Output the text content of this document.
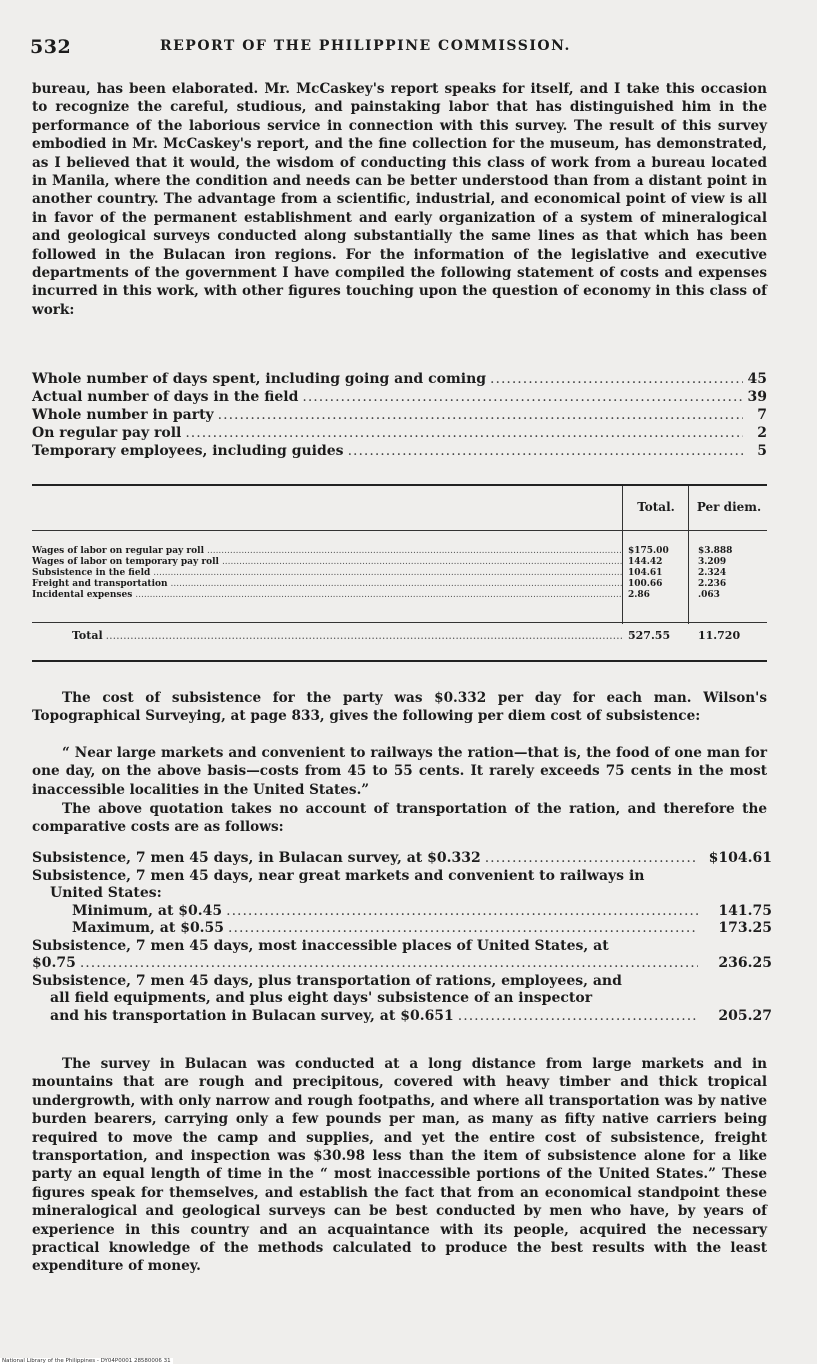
532	REPORT OF THE PHILIPPINE COMMISSION.

bureau, has been elaborated. Mr. McCaskey's report speaks for itself, and I take this occasion to recognize the careful, studious, and painstaking labor that has distinguished him in the performance of the laborious service in connection with this survey. The result of this survey embodied in Mr. McCaskey's report, and the fine collection for the museum, has demonstrated, as I believed that it would, the wisdom of conducting this class of work from a bureau located in Manila, where the condition and needs can be better understood than from a distant point in another country. The advantage from a scientific, industrial, and economical point of view is all in favor of the permanent establishment and early organization of a system of mineralogical and geological surveys conducted along substantially the same lines as that which has been followed in the Bulacan iron regions. For the information of the legislative and executive departments of the government I have compiled the following statement of costs and expenses incurred in this work, with other figures touching upon the question of economy in this class of work:

Whole number of days spent, including going and coming .....	45
Actual number of days in the field .....	39
Whole number in party .....	7
On regular pay roll .....	2
Temporary employees, including guides .....	5
Total.	Per diem.
Wages of labor on regular pay roll .....	$175.00	$3.888
Wages of labor on temporary pay roll .....	144.42	3.209
Subsistence in the field .....	104.61	2.324
Freight and transportation .....	100.66	2.236
Incidental expenses .....	2.86	.063
Total .....	527.55	11.720

The cost of subsistence for the party was $0.332 per day for each man. Wilson's Topographical Surveying, at page 833, gives the following per diem cost of subsistence:

“ Near large markets and convenient to railways the ration—that is, the food of one man for one day, on the above basis—costs from 45 to 55 cents. It rarely exceeds 75 cents in the most inaccessible localities in the United States.”

The above quotation takes no account of transportation of the ration, and therefore the comparative costs are as follows:

Subsistence, 7 men 45 days, in Bulacan survey, at $0.332 .....	$104.61
Subsistence, 7 men 45 days, near great markets and convenient to railways in United States:
Minimum, at $0.45 .....	141.75
Maximum, at $0.55 .....	173.25
Subsistence, 7 men 45 days, most inaccessible places of United States, at
$0.75 .....	236.25
Subsistence, 7 men 45 days, plus transportation of rations, employees, and
all field equipments, and plus eight days' subsistence of an inspector
and his transportation in Bulacan survey, at $0.651 .....	205.27

The survey in Bulacan was conducted at a long distance from large markets and in mountains that are rough and precipitous, covered with heavy timber and thick tropical undergrowth, with only narrow and rough footpaths, and where all transportation was by native burden bearers, carrying only a few pounds per man, as many as fifty native carriers being required to move the camp and supplies, and yet the entire cost of subsistence, freight transportation, and inspection was $30.98 less than the item of subsistence alone for a like party an equal length of time in the “ most inaccessible portions of the United States.” These figures speak for themselves, and establish the fact that from an economical standpoint these mineralogical and geological surveys can be best conducted by men who have, by years of experience in this country and an acquaintance with its people, acquired the necessary practical knowledge of the methods calculated to produce the best results with the least expenditure of money.

National Library of the Philippines - DY04P0001 28580006 31
